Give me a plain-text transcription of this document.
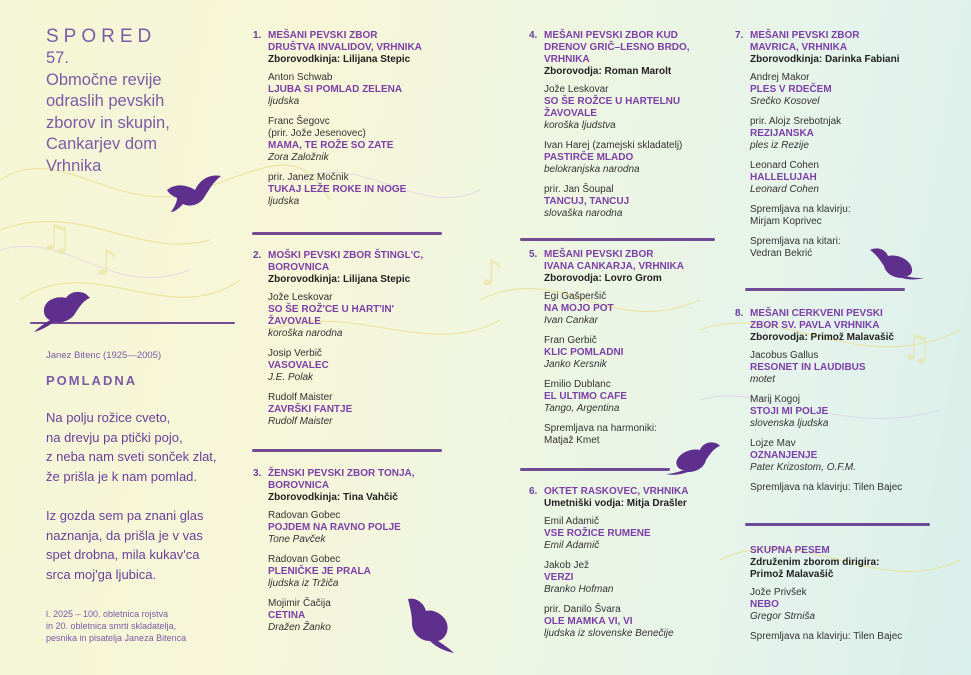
♫
♪	♪
♫

SPORED

57.
Območne revije
odraslih pevskih
zborov in skupin,
Cankarjev dom
Vrhnika
Janez Bitenc (1925—2005)
POMLADNA
Na polju rožice cveto,
na drevju pa ptički pojo,
z neba nam sveti sonček zlat,
že prišla je k nam pomlad.
Iz gozda sem pa znani glas
naznanja, da prišla je v vas
spet drobna, mila kukav'ca
srca moj'ga ljubica.
l. 2025 – 100. obletnica rojstva
in 20. obletnica smrti skladatelja,
pesnika in pisatelja Janeza Bitenca
1. MEŠANI PEVSKI ZBOR
DRUŠTVA INVALIDOV, VRHNIKA
Zborovodkinja: Lilijana Stepic
Anton Schwab
LJUBA SI POMLAD ZELENA
ljudska
Franc Šegovc
(prir. Jože Jesenovec)
MAMA, TE ROŽE SO ZATE
Zora Založnik
prir. Janez Močnik
TUKAJ LEŽE ROKE IN NOGE
ljudska
2. MOŠKI PEVSKI ZBOR ŠTINGL'C,
BOROVNICA
Zborovodkinja: Lilijana Stepic
Jože Leskovar
SO ŠE ROŽ'CE U HART'IN'
ŽAVOVALE
koroška narodna
Josip Verbič
VASOVALEC
J.E. Polak
Rudolf Maister
ZAVRŠKI FANTJE
Rudolf Maister
3. ŽENSKI PEVSKI ZBOR TONJA,
BOROVNICA
Zborovodkinja: Tina Vahčič
Radovan Gobec
POJDEM NA RAVNO POLJE
Tone Pavček
Radovan Gobec
PLENIČKE JE PRALA
ljudska iz Tržiča
Mojimir Čačija
CETINA
Dražen Žanko
4. MEŠANI PEVSKI ZBOR KUD
DRENOV GRIČ–LESNO BRDO,
VRHNIKA
Zborovodja: Roman Marolt
Jože Leskovar
SO ŠE ROŽCE U HARTELNU
ŽAVOVALE
koroška ljudstva
Ivan Harej (zamejski skladatelj)
PASTIRČE MLADO
belokranjska narodna
prir. Jan Šoupal
TANCUJ, TANCUJ
slovaška narodna
5. MEŠANI PEVSKI ZBOR
IVANA CANKARJA, VRHNIKA
Zborovodja: Lovro Grom
Egi Gašperšič
NA MOJO POT
Ivan Cankar
Fran Gerbič
KLIC POMLADNI
Janko Kersnik
Emilio Dublanc
EL ULTIMO CAFE
Tango, Argentina
Spremljava na harmoniki:
Matjaž Kmet
6. OKTET RASKOVEC, VRHNIKA
Umetniški vodja: Mitja Drašler
Emil Adamič
VSE ROŽICE RUMENE
Emil Adamič
Jakob Jež
VERZI
Branko Hofman
prir. Danilo Švara
OLE MAMKA VI, VI
ljudska iz slovenske Benečije
7. MEŠANI PEVSKI ZBOR
MAVRICA, VRHNIKA
Zborovodkinja: Darinka Fabiani
Andrej Makor
PLES V RDEČEM
Srečko Kosovel
prir. Alojz Srebotnjak
REZIJANSKA
ples iz Rezije
Leonard Cohen
HALLELUJAH
Leonard Cohen
Spremljava na klavirju:
Mirjam Koprivec
Spremljava na kitari:
Vedran Bekrić
8. MEŠANI CERKVENI PEVSKI
ZBOR SV. PAVLA VRHNIKA
Zborovodja: Primož Malavašič
Jacobus Gallus
RESONET IN LAUDIBUS
motet
Marij Kogoj
STOJI MI POLJE
slovenska ljudska
Lojze Mav
OZNANJENJE
Pater Krizostom, O.F.M.
Spremljava na klavirju: Tilen Bajec
SKUPNA PESEM
Združenim zborom dirigira:
Primož Malavašič
Jože Privšek
NEBO
Gregor Strniša
Spremljava na klavirju: Tilen Bajec
